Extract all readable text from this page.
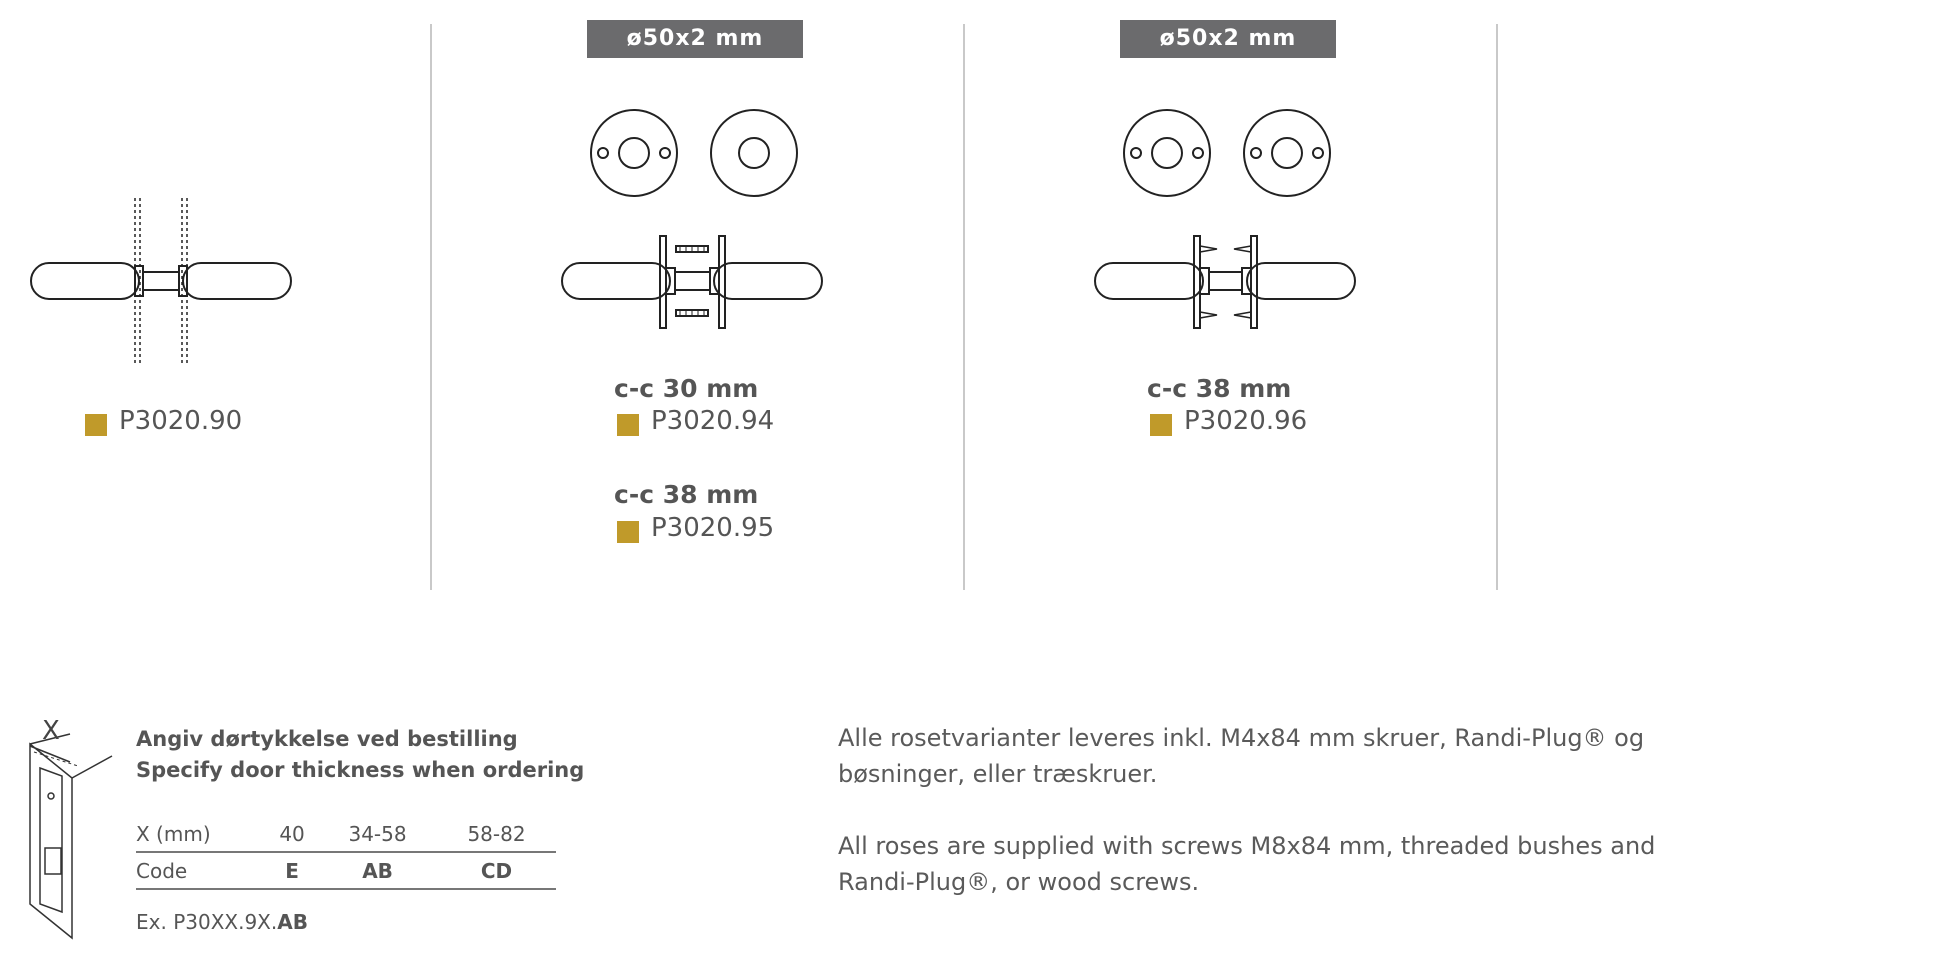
P3020.90
ø50x2 mm
c-c 30 mm
P3020.94
c-c 38 mm
P3020.95
ø50x2 mm
c-c 38 mm
P3020.96
X	Angiv dørtykkelse ved bestilling
Specify door thickness when ordering
X (mm)	40	34-58	58-82
Code	E	AB	CD
Ex. P30XX.9X.AB
Alle rosetvarianter leveres inkl. M4x84 mm skruer, Randi-Plug® og bøsninger, eller træskruer.
All roses are supplied with screws M8x84 mm, threaded bushes and Randi-Plug®, or wood screws.
